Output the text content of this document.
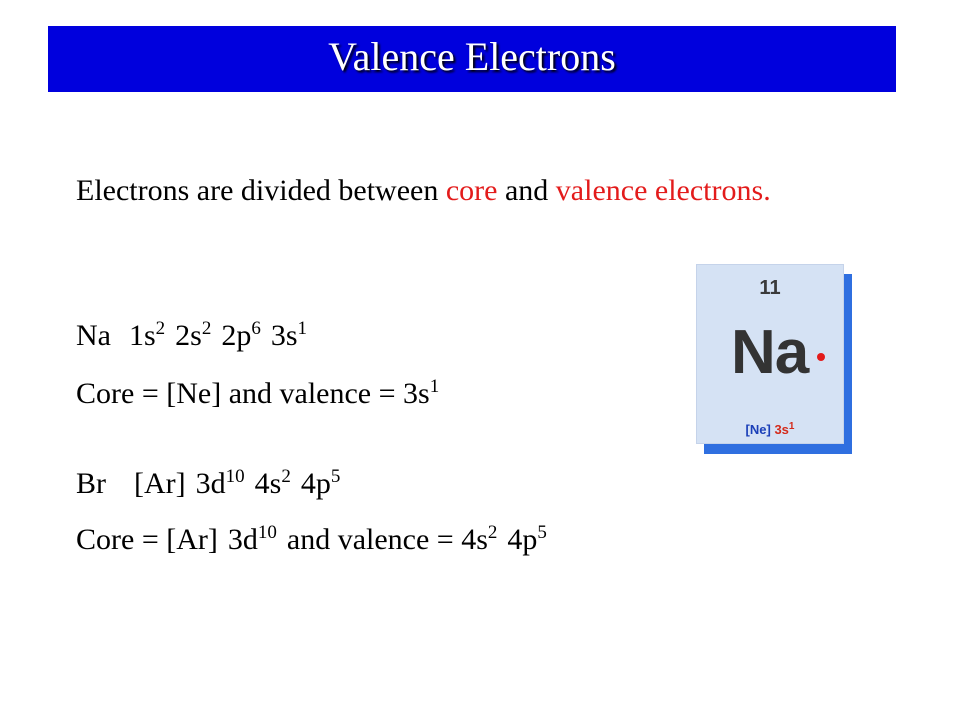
Valence Electrons
Electrons are divided between core and valence electrons.
Na $1s^2$ $2s^2$ $2p^6$ $3s^1$
Core = [Ne] and valence = $3s^1$
Br [Ar] $3d^{10}$ $4s^2$ $4p^5$
Core = [Ar] $3d^{10}$ and valence = $4s^2$ $4p^5$
11
Na
[Ne] $3s^1$
